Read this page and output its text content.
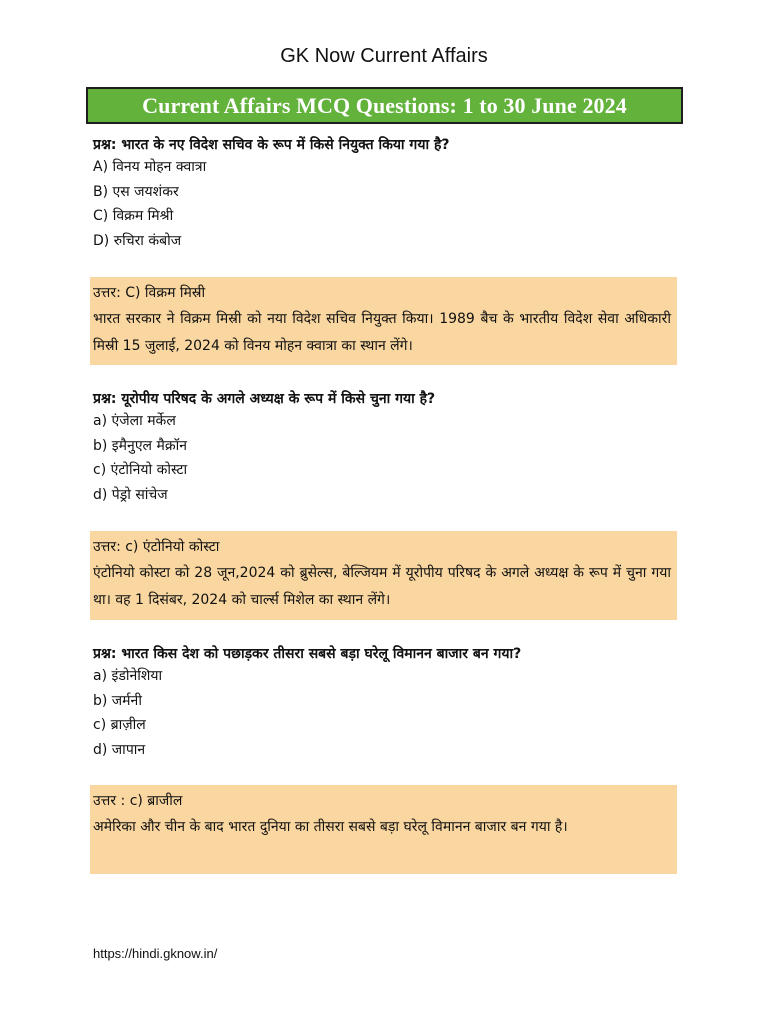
GK Now Current Affairs
Current Affairs MCQ Questions: 1 to 30 June 2024
प्रश्न: भारत के नए विदेश सचिव के रूप में किसे नियुक्त किया गया है?
A) विनय मोहन क्वात्रा
B) एस जयशंकर
C) विक्रम मिश्री
D) रुचिरा कंबोज
उत्तर: C) विक्रम मिस्री
भारत सरकार ने विक्रम मिस्री को नया विदेश सचिव नियुक्त किया। 1989 बैच के भारतीय विदेश सेवा अधिकारी मिस्री 15 जुलाई, 2024 को विनय मोहन क्वात्रा का स्थान लेंगे।
प्रश्न: यूरोपीय परिषद के अगले अध्यक्ष के रूप में किसे चुना गया है?
a) एंजेला मर्केल
b) इमैनुएल मैक्रॉन
c) एंटोनियो कोस्टा
d) पेड्रो सांचेज
उत्तर: c) एंटोनियो कोस्टा
एंटोनियो कोस्टा को 28 जून,2024 को ब्रुसेल्स, बेल्जियम में यूरोपीय परिषद के अगले अध्यक्ष के रूप में चुना गया था। वह 1 दिसंबर, 2024 को चार्ल्स मिशेल का स्थान लेंगे।
प्रश्न: भारत किस देश को पछाड़कर तीसरा सबसे बड़ा घरेलू विमानन बाजार बन गया?
a) इंडोनेशिया
b) जर्मनी
c) ब्राज़ील
d) जापान
उत्तर : c) ब्राजील
अमेरिका और चीन के बाद भारत दुनिया का तीसरा सबसे बड़ा घरेलू विमानन बाजार बन गया है।
https://hindi.gknow.in/
